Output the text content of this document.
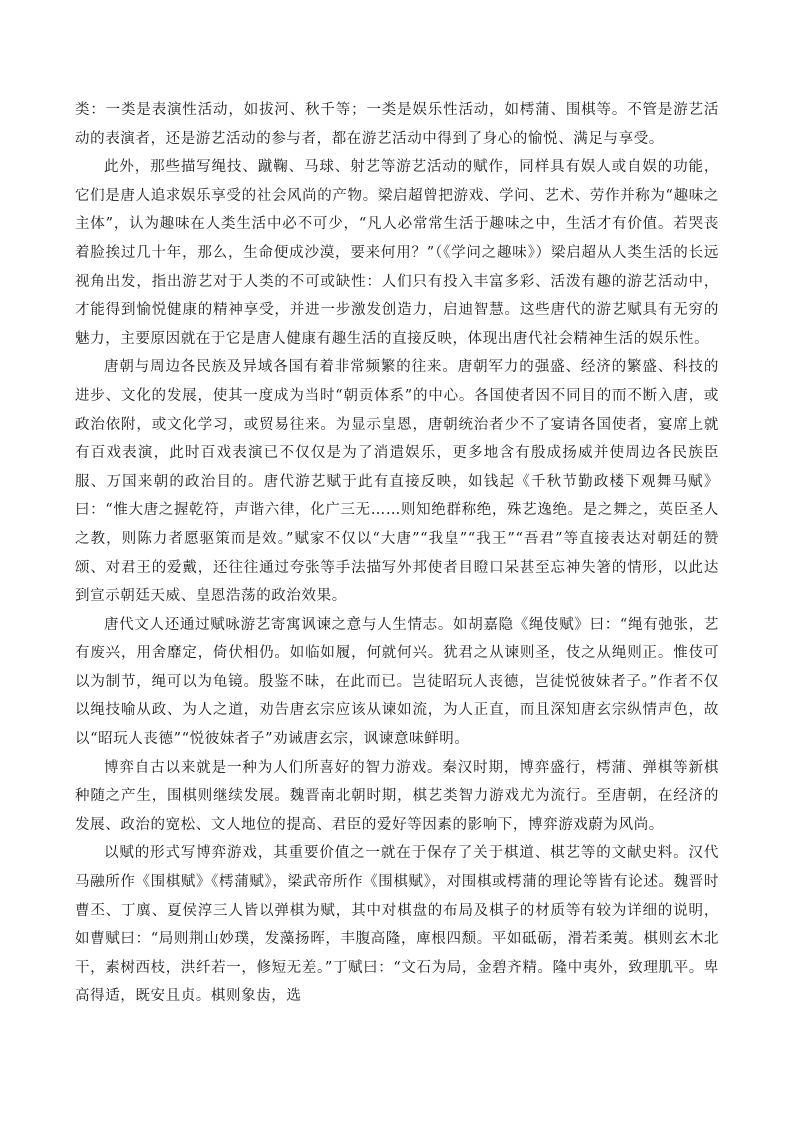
类：一类是表演性活动，如拔河、秋千等；一类是娱乐性活动，如樗蒲、围棋等。不管是游艺活动的表演者，还是游艺活动的参与者，都在游艺活动中得到了身心的愉悦、满足与享受。

此外，那些描写绳技、蹴鞠、马球、射艺等游艺活动的赋作，同样具有娱人或自娱的功能，它们是唐人追求娱乐享受的社会风尚的产物。梁启超曾把游戏、学问、艺术、劳作并称为“趣味之主体”，认为趣味在人类生活中必不可少，“凡人必常常生活于趣味之中，生活才有价值。若哭丧着脸挨过几十年，那么，生命便成沙漠，要来何用？”（《学问之趣味》）梁启超从人类生活的长远视角出发，指出游艺对于人类的不可或缺性：人们只有投入丰富多彩、活泼有趣的游艺活动中，才能得到愉悦健康的精神享受，并进一步激发创造力，启迪智慧。这些唐代的游艺赋具有无穷的魅力，主要原因就在于它是唐人健康有趣生活的直接反映，体现出唐代社会精神生活的娱乐性。

唐朝与周边各民族及异域各国有着非常频繁的往来。唐朝军力的强盛、经济的繁盛、科技的进步、文化的发展，使其一度成为当时“朝贡体系”的中心。各国使者因不同目的而不断入唐，或政治依附，或文化学习，或贸易往来。为显示皇恩，唐朝统治者少不了宴请各国使者，宴席上就有百戏表演，此时百戏表演已不仅仅是为了消遣娱乐，更多地含有殷成扬威并使周边各民族臣服、万国来朝的政治目的。唐代游艺赋于此有直接反映，如钱起《千秋节勤政楼下观舞马赋》曰：“惟大唐之握乾符，声谐六律，化广三无……则知绝群称绝，殊艺逸绝。是之舞之，英臣圣人之教，则陈力者愿驱策而是效。”赋家不仅以“大唐”“我皇”“我王”“吾君”等直接表达对朝廷的赞颂、对君王的爱戴，还往往通过夸张等手法描写外邦使者目瞪口呆甚至忘神失箸的情形，以此达到宣示朝廷天威、皇恩浩荡的政治效果。

唐代文人还通过赋咏游艺寄寓讽谏之意与人生情志。如胡嘉隐《绳伎赋》曰：“绳有弛张，艺有废兴，用舍靡定，倚伏相仍。如临如履，何就何兴。犹君之从谏则圣，伎之从绳则正。惟伎可以为制节，绳可以为龟镜。殷鉴不昧，在此而已。岂徒昭玩人丧德，岂徒悦彼妹者子。”作者不仅以绳技喻从政、为人之道，劝告唐玄宗应该从谏如流，为人正直，而且深知唐玄宗纵情声色，故以“昭玩人丧德”“悦彼妹者子”劝诫唐玄宗，讽谏意味鲜明。

博弈自古以来就是一种为人们所喜好的智力游戏。秦汉时期，博弈盛行，樗蒲、弹棋等新棋种随之产生，围棋则继续发展。魏晋南北朝时期，棋艺类智力游戏尤为流行。至唐朝，在经济的发展、政治的宽松、文人地位的提高、君臣的爱好等因素的影响下，博弈游戏蔚为风尚。

以赋的形式写博弈游戏，其重要价值之一就在于保存了关于棋道、棋艺等的文献史料。汉代马融所作《围棋赋》《樗蒲赋》，梁武帝所作《围棋赋》，对围棋或樗蒲的理论等皆有论述。魏晋时曹丕、丁廙、夏侯淳三人皆以弹棋为赋，其中对棋盘的布局及棋子的材质等有较为详细的说明，如曹赋曰：“局则荆山妙璞，发藻扬晖，丰腹高隆，庳根四颓。平如砥砺，滑若柔荑。棋则玄木北干，素树西枝，洪纤若一，修短无差。”丁赋曰：“文石为局，金碧齐精。隆中夷外，致理肌平。卑高得适，既安且贞。棋则象齿，选
